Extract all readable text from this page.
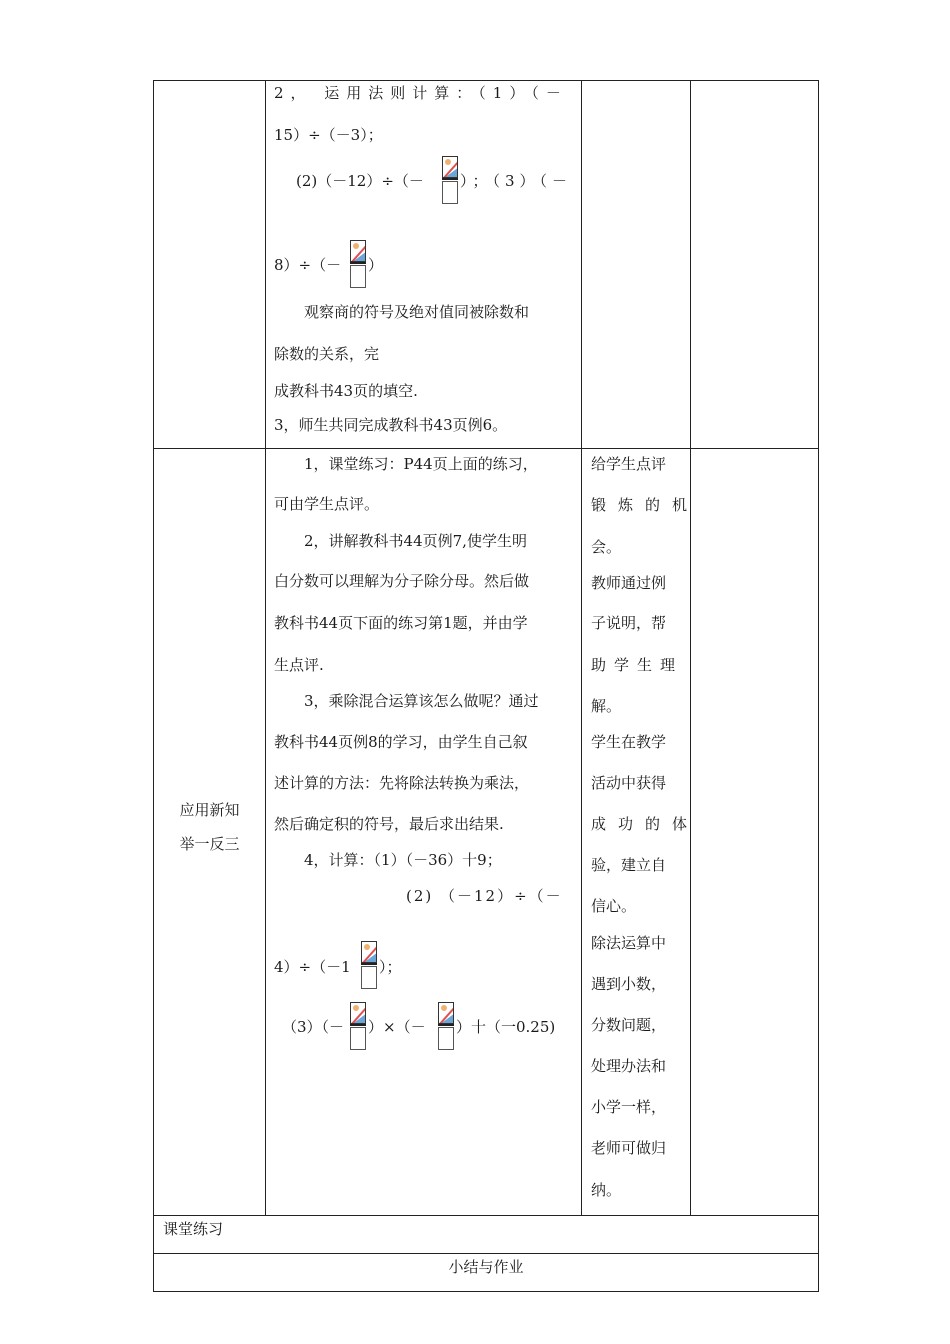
2， 运用法则计算：（1）（－
15）÷（－3）；
(2)（－12）÷（－ ）；（3）（－
8）÷（－ ）
观察商的符号及绝对值同被除数和
除数的关系，完
成教科书43页的填空.
3，师生共同完成教科书43页例6。
应用新知
举一反三
1，课堂练习：P44页上面的练习，
可由学生点评。
2，讲解教科书44页例7,使学生明
白分数可以理解为分子除分母。然后做
教科书44页下面的练习第1题，并由学
生点评.
3，乘除混合运算该怎么做呢？通过
教科书44页例8的学习，由学生自己叙
述计算的方法：先将除法转换为乘法，
然后确定积的符号，最后求出结果.
4，计算：（1）（－36）十9；
(2) （－12）÷（－
4）÷（－1 ）；
（3）（－ ）×（－ ）十（一0.25)
给学生点评
锻炼的机
会。
教师通过例
子说明，帮
助学生理
解。
学生在教学
活动中获得
成功的体
验，建立自
信心。
除法运算中
遇到小数，
分数问题，
处理办法和
小学一样，
老师可做归
纳。
课堂练习
小结与作业
